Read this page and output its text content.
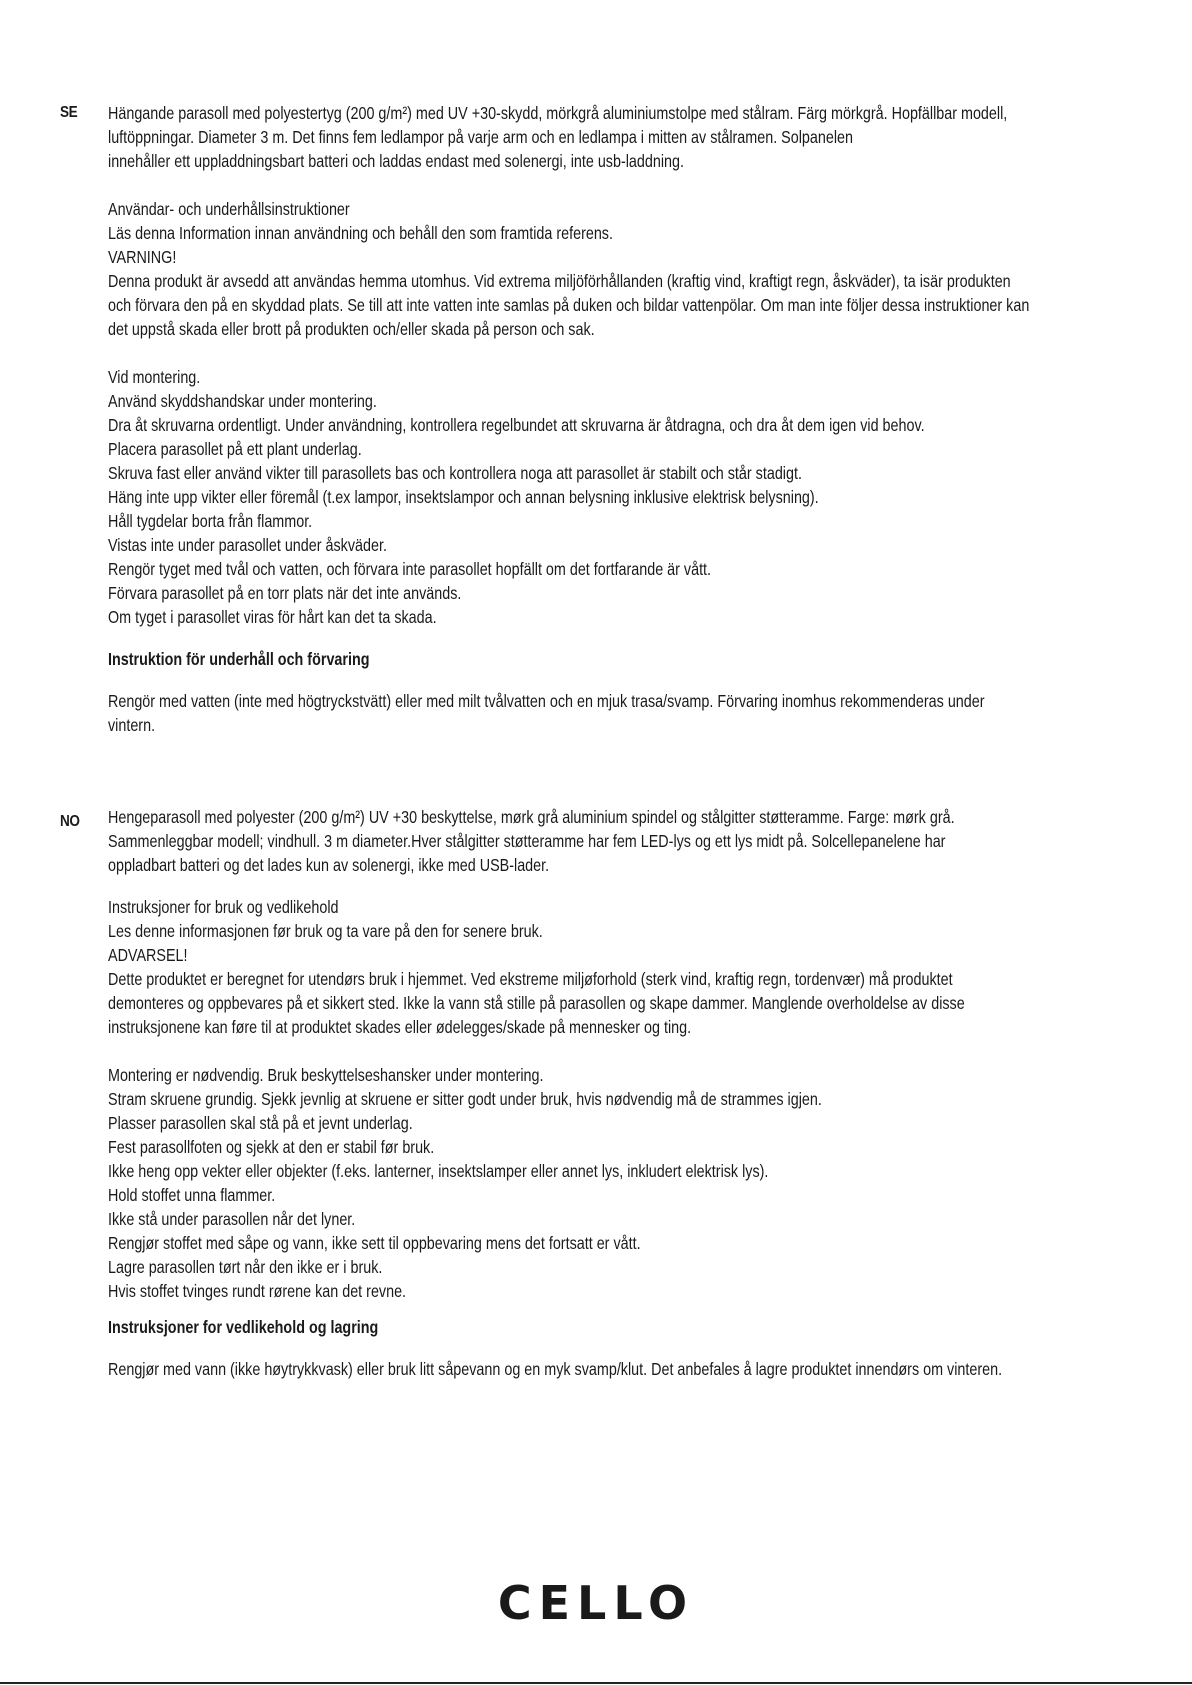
SE Hängande parasoll med polyestertyg (200 g/m²) med UV +30-skydd, mörkgrå aluminiumstolpe med stålram. Färg mörkgrå. Hopfällbar modell,
luftöppningar. Diameter 3 m. Det finns fem ledlampor på varje arm och en ledlampa i mitten av stålramen. Solpanelen
innehåller ett uppladdningsbart batteri och laddas endast med solenergi, inte usb-laddning.
Användar- och underhållsinstruktioner
Läs denna Information innan användning och behåll den som framtida referens.
VARNING!
Denna produkt är avsedd att användas hemma utomhus. Vid extrema miljöförhållanden (kraftig vind, kraftigt regn, åskväder), ta isär produkten
och förvara den på en skyddad plats. Se till att inte vatten inte samlas på duken och bildar vattenpölar. Om man inte följer dessa instruktioner kan
det uppstå skada eller brott på produkten och/eller skada på person och sak.
Vid montering.
Använd skyddshandskar under montering.
Dra åt skruvarna ordentligt. Under användning, kontrollera regelbundet att skruvarna är åtdragna, och dra åt dem igen vid behov.
Placera parasollet på ett plant underlag.
Skruva fast eller använd vikter till parasollets bas och kontrollera noga att parasollet är stabilt och står stadigt.
Häng inte upp vikter eller föremål (t.ex lampor, insektslampor och annan belysning inklusive elektrisk belysning).
Håll tygdelar borta från flammor.
Vistas inte under parasollet under åskväder.
Rengör tyget med tvål och vatten, och förvara inte parasollet hopfällt om det fortfarande är vått.
Förvara parasollet på en torr plats när det inte används.
Om tyget i parasollet viras för hårt kan det ta skada.
Instruktion för underhåll och förvaring
Rengör med vatten (inte med högtryckstvätt) eller med milt tvålvatten och en mjuk trasa/svamp. Förvaring inomhus rekommenderas under
vintern.
NO Hengeparasoll med polyester (200 g/m²) UV +30 beskyttelse, mørk grå aluminium spindel og stålgitter støtteramme. Farge: mørk grå.
Sammenleggbar modell; vindhull. 3 m diameter.Hver stålgitter støtteramme har fem LED-lys og ett lys midt på. Solcellepanelene har
oppladbart batteri og det lades kun av solenergi, ikke med USB-lader.
Instruksjoner for bruk og vedlikehold
Les denne informasjonen før bruk og ta vare på den for senere bruk.
ADVARSEL!
Dette produktet er beregnet for utendørs bruk i hjemmet. Ved ekstreme miljøforhold (sterk vind, kraftig regn, tordenvær) må produktet
demonteres og oppbevares på et sikkert sted. Ikke la vann stå stille på parasollen og skape dammer. Manglende overholdelse av disse
instruksjonene kan føre til at produktet skades eller ødelegges/skade på mennesker og ting.
Montering er nødvendig. Bruk beskyttelseshansker under montering.
Stram skruene grundig. Sjekk jevnlig at skruene er sitter godt under bruk, hvis nødvendig må de strammes igjen.
Plasser parasollen skal stå på et jevnt underlag.
Fest parasollfoten og sjekk at den er stabil før bruk.
Ikke heng opp vekter eller objekter (f.eks. lanterner, insektslamper eller annet lys, inkludert elektrisk lys).
Hold stoffet unna flammer.
Ikke stå under parasollen når det lyner.
Rengjør stoffet med såpe og vann, ikke sett til oppbevaring mens det fortsatt er vått.
Lagre parasollen tørt når den ikke er i bruk.
Hvis stoffet tvinges rundt rørene kan det revne.
Instruksjoner for vedlikehold og lagring
Rengjør med vann (ikke høytrykkvask) eller bruk litt såpevann og en myk svamp/klut. Det anbefales å lagre produktet innendørs om vinteren.
CELLO
